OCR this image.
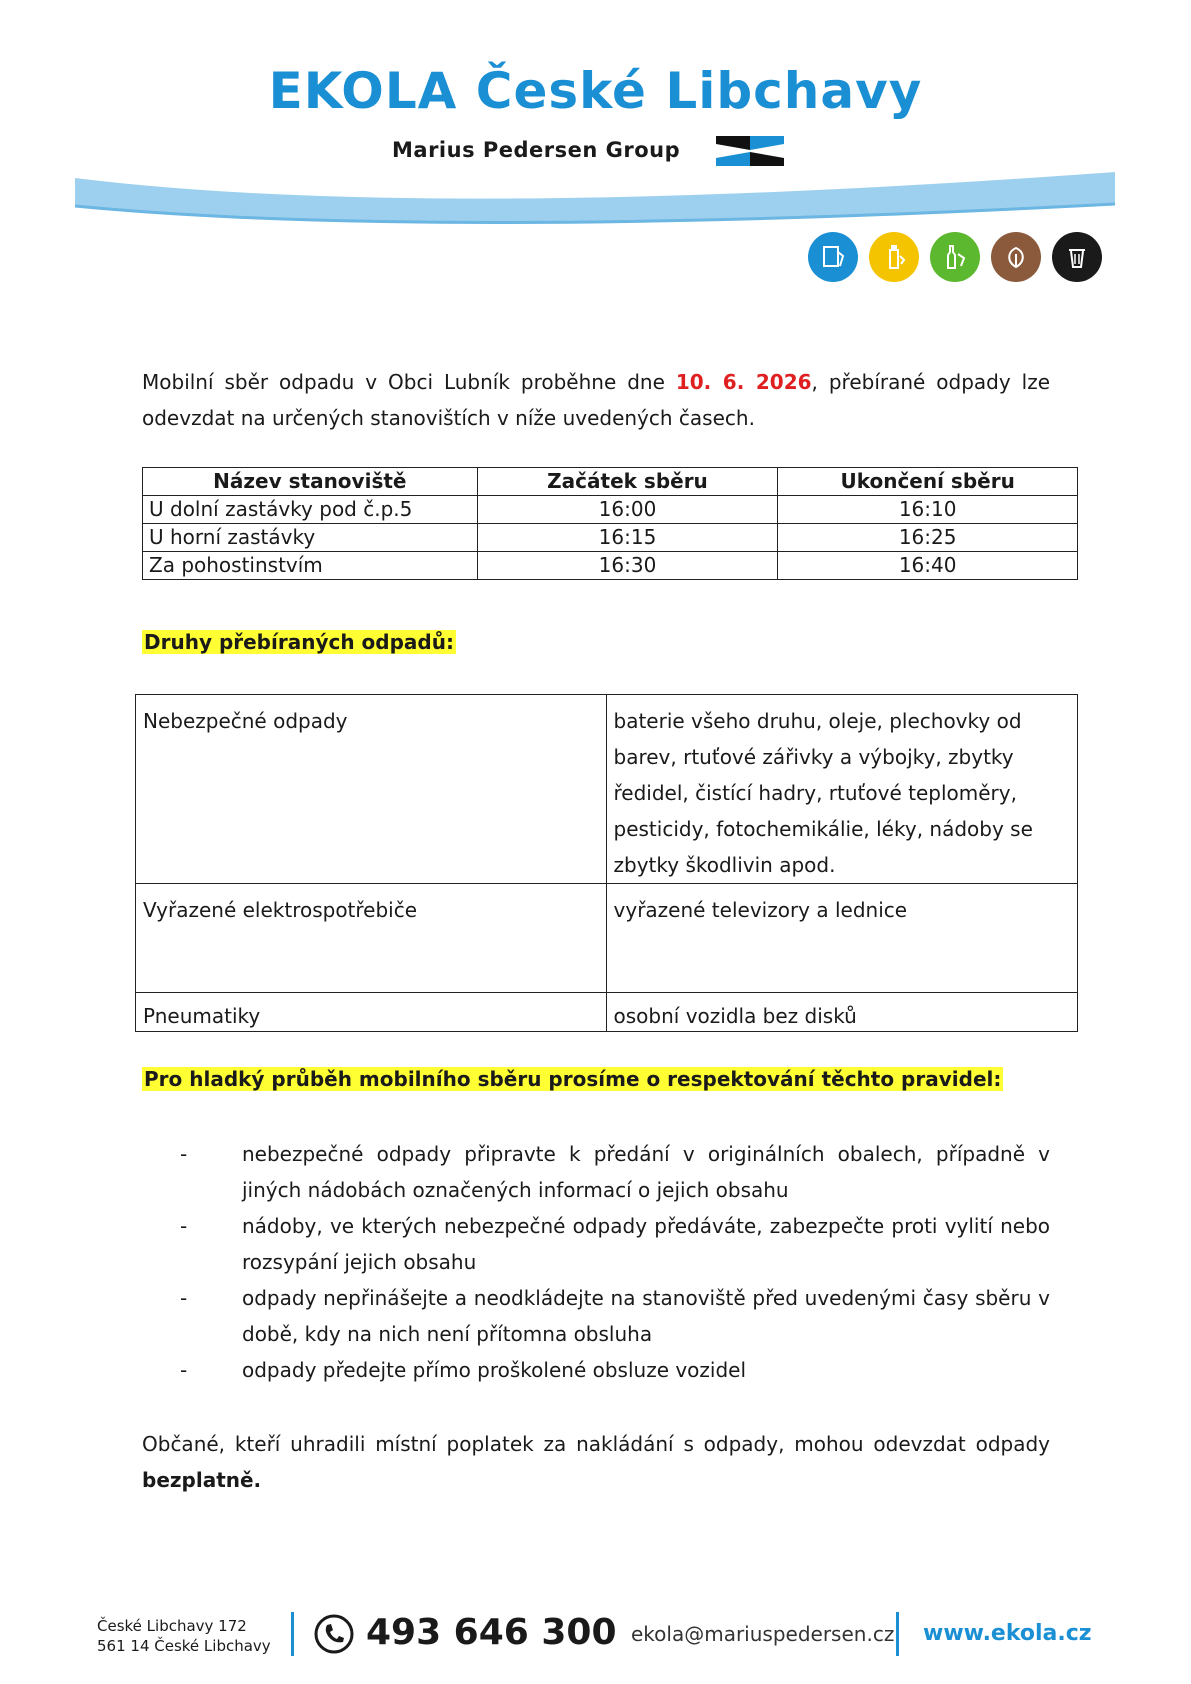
EKOLA České Libchavy
Marius Pedersen Group
Mobilní sběr odpadu v Obci Lubník proběhne dne 10. 6. 2026, přebírané odpady lze odevzdat na určených stanovištích v níže uvedených časech.
Název stanoviště	Začátek sběru	Ukončení sběru
U dolní zastávky pod č.p.5	16:00	16:10
U horní zastávky	16:15	16:25
Za pohostinstvím	16:30	16:40
Druhy přebíraných odpadů:
Nebezpečné odpady	baterie všeho druhu, oleje, plechovky od barev, rtuťové zářivky a výbojky, zbytky ředidel, čistící hadry, rtuťové teploměry, pesticidy, fotochemikálie, léky, nádoby se zbytky škodlivin apod.
Vyřazené elektrospotřebiče	vyřazené televizory a lednice
Pneumatiky	osobní vozidla bez disků
Pro hladký průběh mobilního sběru prosíme o respektování těchto pravidel:
-	nebezpečné odpady připravte k předání v originálních obalech, případně v jiných nádobách označených informací o jejich obsahu
-	nádoby, ve kterých nebezpečné odpady předáváte, zabezpečte proti vylití nebo rozsypání jejich obsahu
-	odpady nepřinášejte a neodkládejte na stanoviště před uvedenými časy sběru v době, kdy na nich není přítomna obsluha
-	odpady předejte přímo proškolené obsluze vozidel
Občané, kteří uhradili místní poplatek za nakládání s odpady, mohou odevzdat odpady bezplatně.
České Libchavy 172
561 14 České Libchavy	493 646 300 ekola@mariuspedersen.cz www.ekola.cz
